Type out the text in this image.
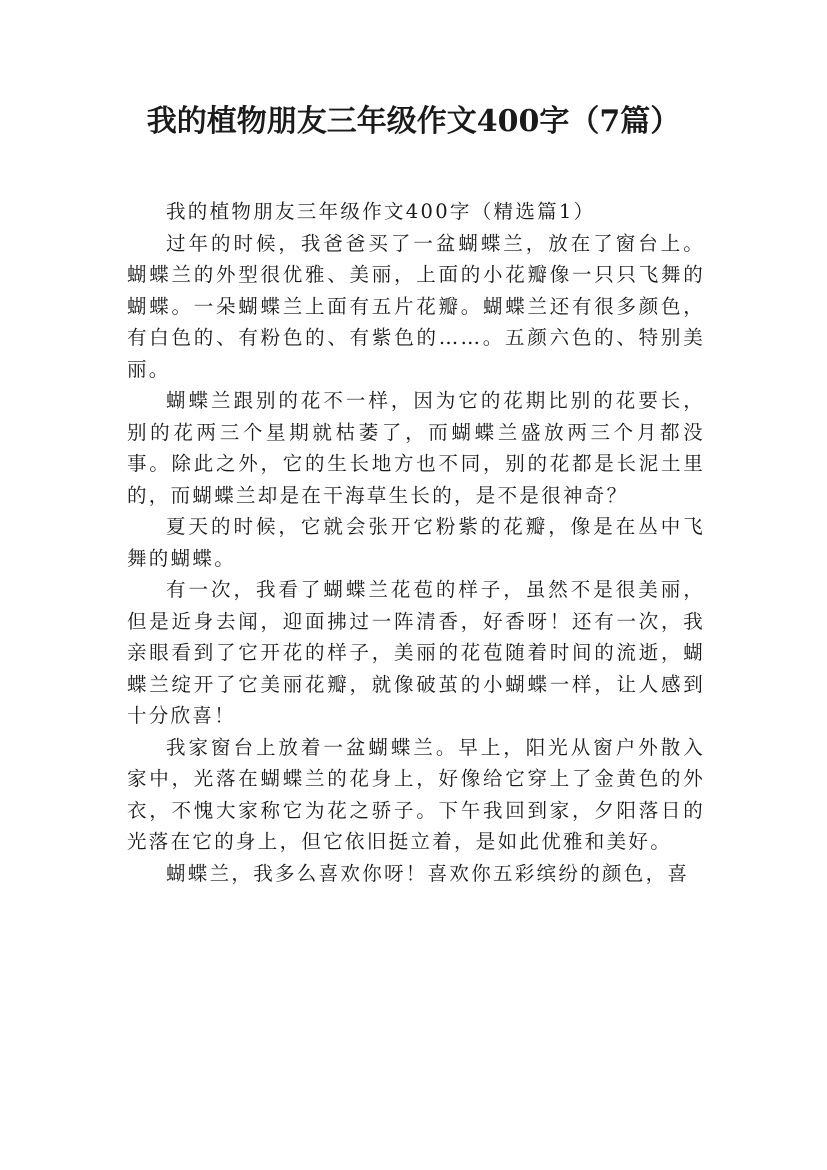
我的植物朋友三年级作文400字（7篇）

我的植物朋友三年级作文400字（精选篇1）

过年的时候，我爸爸买了一盆蝴蝶兰，放在了窗台上。蝴蝶兰的外型很优雅、美丽，上面的小花瓣像一只只飞舞的蝴蝶。一朵蝴蝶兰上面有五片花瓣。蝴蝶兰还有很多颜色，有白色的、有粉色的、有紫色的……。五颜六色的、特别美丽。

蝴蝶兰跟别的花不一样，因为它的花期比别的花要长，别的花两三个星期就枯萎了，而蝴蝶兰盛放两三个月都没事。除此之外，它的生长地方也不同，别的花都是长泥土里的，而蝴蝶兰却是在干海草生长的，是不是很神奇？

夏天的时候，它就会张开它粉紫的花瓣，像是在丛中飞舞的蝴蝶。

有一次，我看了蝴蝶兰花苞的样子，虽然不是很美丽，但是近身去闻，迎面拂过一阵清香，好香呀！还有一次，我亲眼看到了它开花的样子，美丽的花苞随着时间的流逝，蝴蝶兰绽开了它美丽花瓣，就像破茧的小蝴蝶一样，让人感到十分欣喜！

我家窗台上放着一盆蝴蝶兰。早上，阳光从窗户外散入家中，光落在蝴蝶兰的花身上，好像给它穿上了金黄色的外衣，不愧大家称它为花之骄子。下午我回到家，夕阳落日的光落在它的身上，但它依旧挺立着，是如此优雅和美好。

蝴蝶兰，我多么喜欢你呀！喜欢你五彩缤纷的颜色，喜
